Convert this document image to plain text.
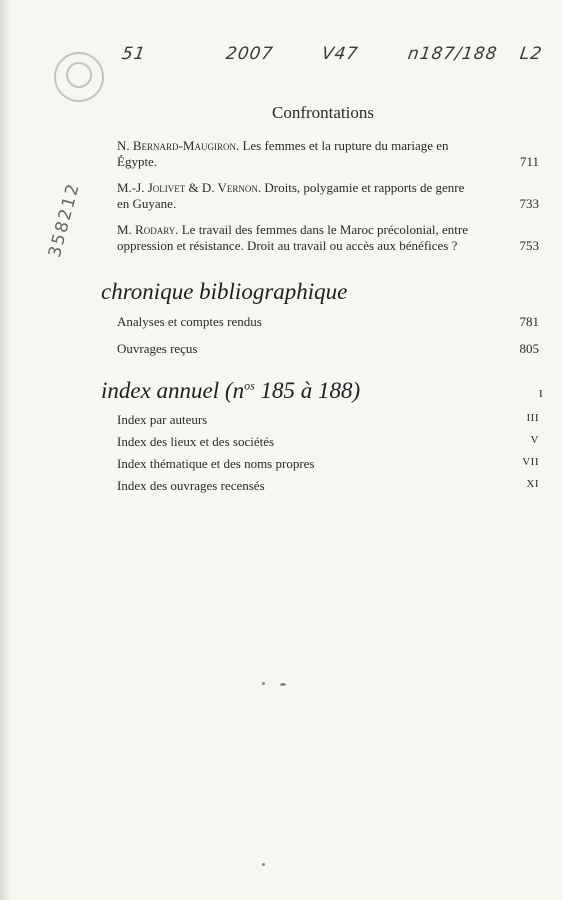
51	2007	V47	n187/188 L2
358212
Confrontations
N. Bernard-Maugiron. Les femmes et la rupture du mariage en
Égypte.	711
M.-J. Jolivet & D. Vernon. Droits, polygamie et rapports de genre
en Guyane.	733
M. Rodary. Le travail des femmes dans le Maroc précolonial, entre
oppression et résistance. Droit au travail ou accès aux bénéfices ?	753
chronique bibliographique
Analyses et comptes rendus	781
Ouvrages reçus	805
index annuel ($n^{os}$ 185 à 188)	I
Index par auteurs	III
Index des lieux et des sociétés	V
Index thématique et des noms propres	VII
Index des ouvrages recensés	XI
